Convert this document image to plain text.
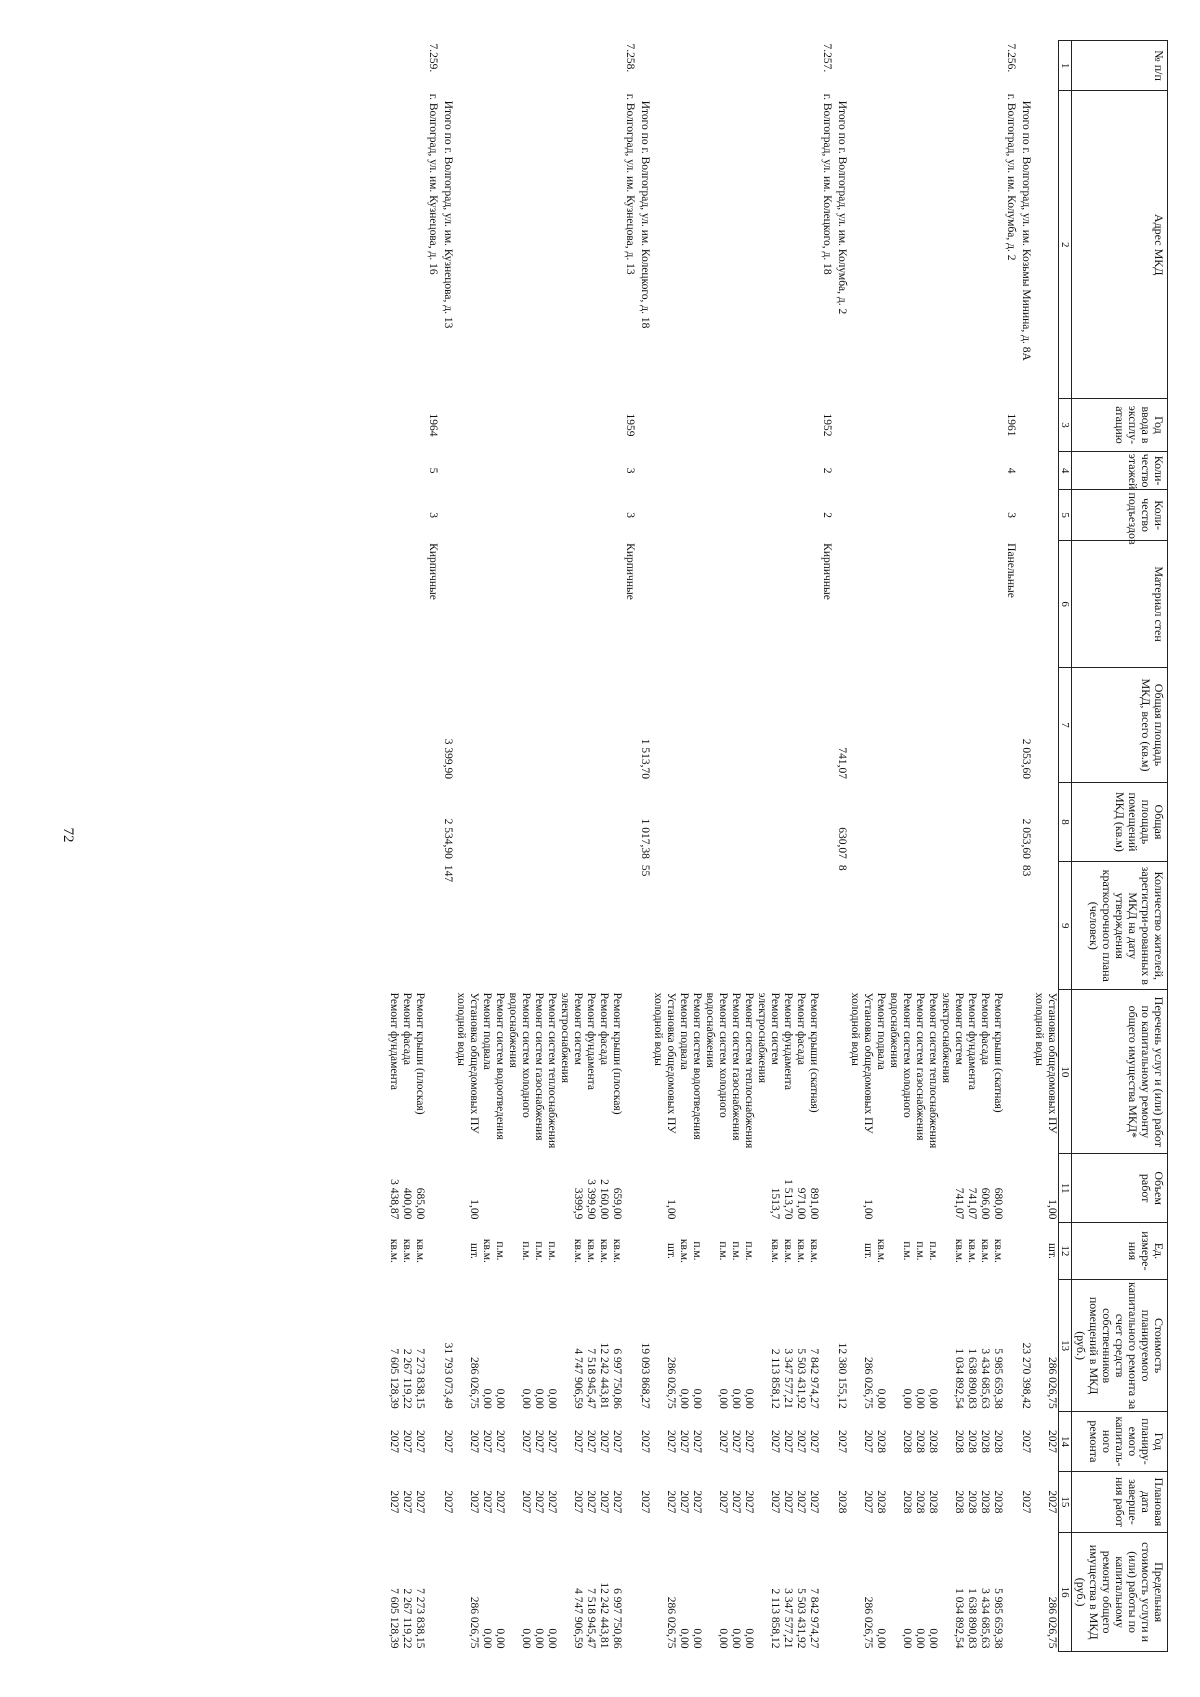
72
№ п/п	Адрес МКД	Год ввода в эксплу-атацию	Коли-чество этажей	Коли-чество подъездов	Материал стен	Общая площадь МКД, всего (кв.м)	Общая площадь помещений МКД (кв.м)	Количество жителей, зарегистри-рованных в МКД на дату утверждения краткосрочного плана (человек)	Перечень услуг и (или) работ по капитальному ремонту общего имущества МКД*	Объем работ	Ед. измере-ния	Стоимость планируемого капитального ремонта за счет средств собственников помещений в МКД (руб.)	Год планиру-емого капиталь-ного ремонта	Плановая дата заверше-ния работ	Предельная стоимость услуги и (или) работы по капитальному ремонту общего имущества в МКД (руб.)
1	2	3	4	5	6	7	8	9	10	11	12	13	14	15	16
									Установка общедомовых ПУ холодной воды	1,00	шт.	286 026,75	2027	2027	286 026,75
	Итого по г. Волгоград, ул. им. Козьмы Минина, д. 8А					2 053,60	2 053,60	83				23 270 398,42	2027	2027	
7.256.	г. Волгоград, ул. им. Колумба, д. 2	1961	4	3	Панельные										
									Ремонт крыши (скатная)	680,00	кв.м.	5 985 659,38	2028	2028	5 985 659,38
									Ремонт фасада	606,00	кв.м.	3 434 685,63	2028	2028	3 434 685,63
									Ремонт фундамента	741,07	кв.м.	1 638 890,83	2028	2028	1 638 890,83
									Ремонт систем электроснабжения	741,07	кв.м.	1 034 892,54	2028	2028	1 034 892,54
									Ремонт систем теплоснабжения		п.м.	0,00	2028	2028	0,00
									Ремонт систем газоснабжения		п.м.	0,00	2028	2028	0,00
									Ремонт систем холодного водоснабжения		п.м.	0,00	2028	2028	0,00
									Ремонт подвала		кв.м.	0,00	2028	2028	0,00
									Установка общедомовых ПУ холодной воды	1,00	шт.	286 026,75	2027	2027	286 026,75
	Итого по г. Волгоград, ул. им. Колумба, д. 2					741,07	630,07	8				12 380 155,12	2027	2028	
7.257.	г. Волгоград, ул. им. Колецкого, д. 18	1952	2	2	Кирпичные										
									Ремонт крыши (скатная)	891,00	кв.м.	7 842 974,27	2027	2027	7 842 974,27
									Ремонт фасада	971,00	кв.м.	5 503 431,92	2027	2027	5 503 431,92
									Ремонт фундамента	1 513,70	кв.м.	3 347 577,21	2027	2027	3 347 577,21
									Ремонт систем электроснабжения	1513,7	кв.м.	2 113 858,12	2027	2027	2 113 858,12
									Ремонт систем теплоснабжения		п.м.	0,00	2027	2027	0,00
									Ремонт систем газоснабжения		п.м.	0,00	2027	2027	0,00
									Ремонт систем холодного водоснабжения		п.м.	0,00	2027	2027	0,00
									Ремонт систем водоотведения		п.м.	0,00	2027	2027	0,00
									Ремонт подвала		кв.м.	0,00	2027	2027	0,00
									Установка общедомовых ПУ холодной воды	1,00	шт.	286 026,75	2027	2027	286 026,75
	Итого по г. Волгоград, ул. им. Колецкого, д. 18					1 513,70	1 017,38	55				19 093 868,27	2027	2027	
7.258.	г. Волгоград, ул. им. Кузнецова, д. 13	1959	3	3	Кирпичные										
									Ремонт крыши (плоская)	659,00	кв.м.	6 997 750,86	2027	2027	6 997 750,86
									Ремонт фасада	2 160,00	кв.м.	12 242 443,81	2027	2027	12 242 443,81
									Ремонт фундамента	3 399,90	кв.м.	7 518 945,47	2027	2027	7 518 945,47
									Ремонт систем электроснабжения	3399,9	кв.м.	4 747 906,59	2027	2027	4 747 906,59
									Ремонт систем теплоснабжения		п.м.	0,00	2027	2027	0,00
									Ремонт систем газоснабжения		п.м.	0,00	2027	2027	0,00
									Ремонт систем холодного водоснабжения		п.м.	0,00	2027	2027	0,00
									Ремонт систем водоотведения		п.м.	0,00	2027	2027	0,00
									Ремонт подвала		кв.м.	0,00	2027	2027	0,00
									Установка общедомовых ПУ холодной воды	1,00	шт.	286 026,75	2027	2027	286 026,75
	Итого по г. Волгоград, ул. им. Кузнецова, д. 13					3 399,90	2 534,90	147				31 793 073,49	2027	2027	
7.259.	г. Волгоград, ул. им. Кузнецова, д. 16	1964	5	3	Кирпичные										
									Ремонт крыши (плоская)	685,00	кв.м.	7 273 838,15	2027	2027	7 273 838,15
									Ремонт фасада	400,00	кв.м.	2 267 119,22	2027	2027	2 267 119,22
									Ремонт фундамента	3 438,87	кв.м.	7 605 128,39	2027	2027	7 605 128,39
